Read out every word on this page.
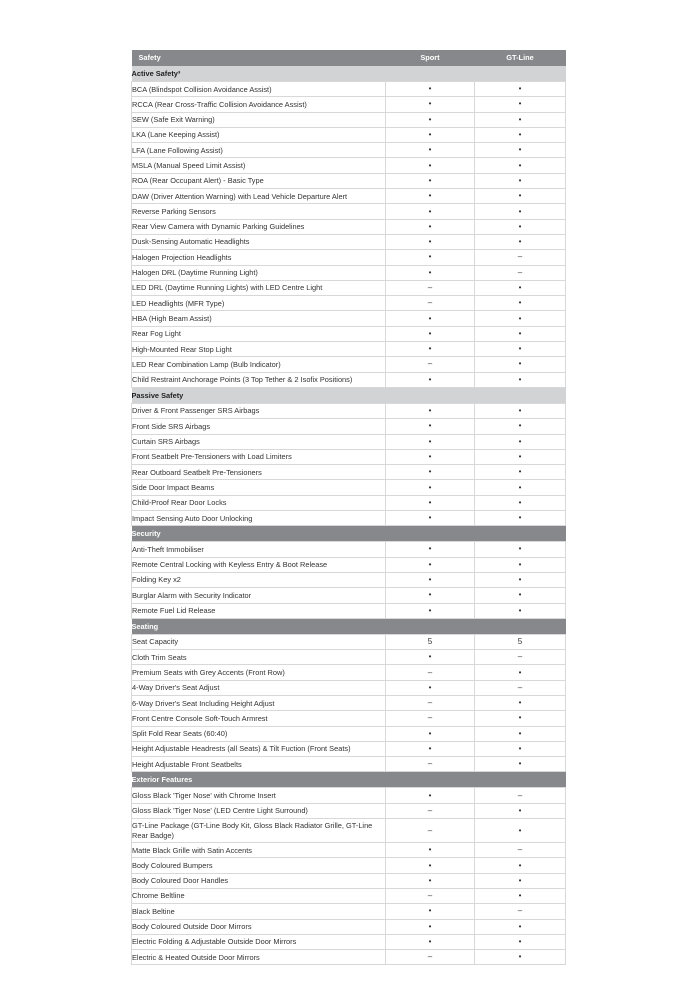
Safety	Sport	GT-Line
Active Safety³		
BCA (Blindspot Collision Avoidance Assist)	•	•
RCCA (Rear Cross-Traffic Collision Avoidance Assist)	•	•
SEW (Safe Exit Warning)	•	•
LKA (Lane Keeping Assist)	•	•
LFA (Lane Following Assist)	•	•
MSLA (Manual Speed Limit Assist)	•	•
ROA (Rear Occupant Alert) - Basic Type	•	•
DAW (Driver Attention Warning) with Lead Vehicle Departure Alert	•	•
Reverse Parking Sensors	•	•
Rear View Camera with Dynamic Parking Guidelines	•	•
Dusk-Sensing Automatic Headlights	•	•
Halogen Projection Headlights	•	–
Halogen DRL (Daytime Running Light)	•	–
LED DRL (Daytime Running Lights) with LED Centre Light	–	•
LED Headlights (MFR Type)	–	•
HBA (High Beam Assist)	•	•
Rear Fog Light	•	•
High-Mounted Rear Stop Light	•	•
LED Rear Combination Lamp (Bulb Indicator)	–	•
Child Restraint Anchorage Points (3 Top Tether & 2 Isofix Positions)	•	•
Passive Safety		
Driver & Front Passenger SRS Airbags	•	•
Front Side SRS Airbags	•	•
Curtain SRS Airbags	•	•
Front Seatbelt Pre-Tensioners with Load Limiters	•	•
Rear Outboard Seatbelt Pre-Tensioners	•	•
Side Door Impact Beams	•	•
Child-Proof Rear Door Locks	•	•
Impact Sensing Auto Door Unlocking	•	•
Security		
Anti-Theft Immobiliser	•	•
Remote Central Locking with Keyless Entry & Boot Release	•	•
Folding Key x2	•	•
Burglar Alarm with Security Indicator	•	•
Remote Fuel Lid Release	•	•
Seating		
Seat Capacity	5	5
Cloth Trim Seats	•	–
Premium Seats with Grey Accents (Front Row)	–	•
4-Way Driver's Seat Adjust	•	–
6-Way Driver's Seat Including Height Adjust	–	•
Front Centre Console Soft-Touch Armrest	–	•
Split Fold Rear Seats (60:40)	•	•
Height Adjustable Headrests (all Seats) & Tilt Fuction (Front Seats)	•	•
Height Adjustable Front Seatbelts	–	•
Exterior Features		
Gloss Black 'Tiger Nose' with Chrome Insert	•	–
Gloss Black 'Tiger Nose' (LED Centre Light Surround)	–	•
GT-Line Package (GT-Line Body Kit, Gloss Black Radiator Grille, GT-Line Rear Badge)	–	•
Matte Black Grille with Satin Accents	•	–
Body Coloured Bumpers	•	•
Body Coloured Door Handles	•	•
Chrome Beltline	–	•
Black Beltine	•	–
Body Coloured Outside Door Mirrors	•	•
Electric Folding & Adjustable Outside Door Mirrors	•	•
Electric & Heated Outside Door Mirrors	–	•
